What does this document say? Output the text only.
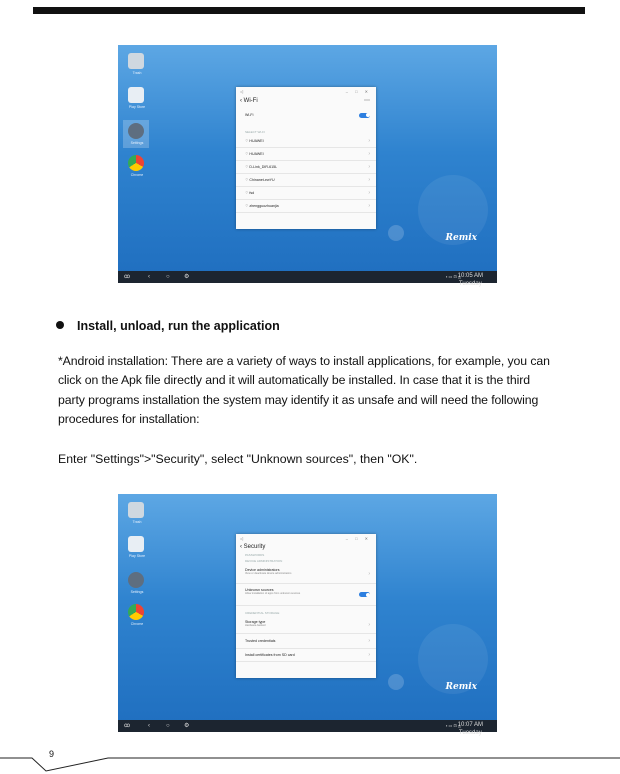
Trash
Play Store
Settings
Chrome
Remix
◁	– □ ✕
‹ Wi-Fi	⋯
Wi-Fi
SELECT WI-FI
⌔ HUAWEI	›
⌔ HUAWEI	›
⌔ D-Link_DIR-615L	›
⌔ Chinanet-ewYU	›
⌔ fsd	›
⌔ zhengguozhuanjia	›
ꝏ	‹	○ ⚙	▪ ▭ ⊡ ◬
10:05 AM
Tuesday
Install, unload, run the application
*Android installation: There are a variety of ways to install applications, for example, you can click on the Apk file directly and it will automatically be installed. In case that it is the third party programs installation the system may identify it as unsafe and will need the following procedures for installation:
Enter "Settings">"Security", select "Unknown sources", then "OK".
Trash
Play Store
Settings
Chrome
Remix
◁	– □ ✕
‹ Security
PASSWORDS
DEVICE ADMINISTRATION
Device administrators
View or deactivate device administrators	›
Unknown sources
Allow installation of apps from unknown sources
CREDENTIAL STORAGE
Storage type
Hardware-backed	›
Trusted credentials	›
Install certificates from SD card	›
ꝏ	‹	○ ⚙	▪ ▭ ⊡ ◬
10:07 AM
Tuesday
9
